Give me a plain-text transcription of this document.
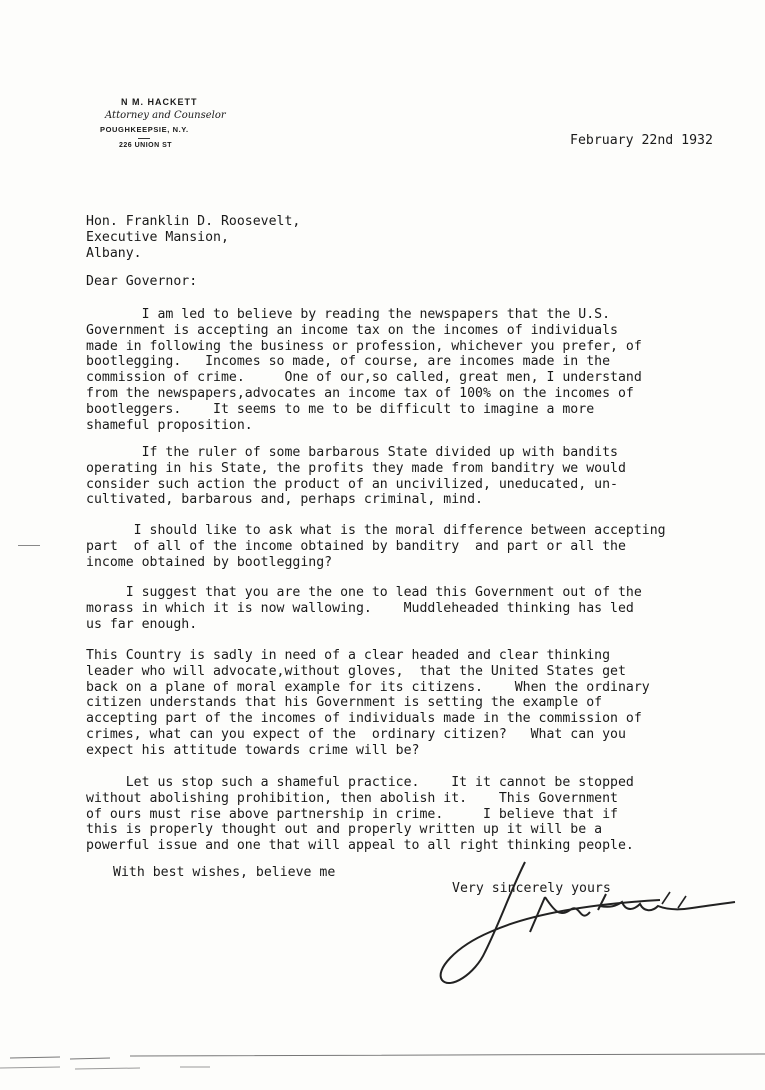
N M. HACKETT
Attorney and Counselor
POUGHKEEPSIE, N.Y.
226 UNION ST	February 22nd 1932
Hon. Franklin D. Roosevelt,
Executive Mansion,
Albany.
Dear Governor:
I am led to believe by reading the newspapers that the U.S.
Government is accepting an income tax on the incomes of individuals
made in following the business or profession, whichever you prefer, of
bootlegging.   Incomes so made, of course, are incomes made in the
commission of crime.     One of our,so called, great men, I understand
from the newspapers,advocates an income tax of 100% on the incomes of
bootleggers.    It seems to me to be difficult to imagine a more
shameful proposition.
If the ruler of some barbarous State divided up with bandits
operating in his State, the profits they made from banditry we would
consider such action the product of an uncivilized, uneducated, un-
cultivated, barbarous and, perhaps criminal, mind.
I should like to ask what is the moral difference between accepting
part  of all of the income obtained by banditry  and part or all the
income obtained by bootlegging?
I suggest that you are the one to lead this Government out of the
morass in which it is now wallowing.    Muddleheaded thinking has led
us far enough.
This Country is sadly in need of a clear headed and clear thinking
leader who will advocate,without gloves,  that the United States get
back on a plane of moral example for its citizens.    When the ordinary
citizen understands that his Government is setting the example of
accepting part of the incomes of individuals made in the commission of
crimes, what can you expect of the  ordinary citizen?   What can you
expect his attitude towards crime will be?
Let us stop such a shameful practice.    It it cannot be stopped
without abolishing prohibition, then abolish it.    This Government
of ours must rise above partnership in crime.     I believe that if
this is properly thought out and properly written up it will be a
powerful issue and one that will appeal to all right thinking people.
With best wishes, believe me
Very sincerely yours
